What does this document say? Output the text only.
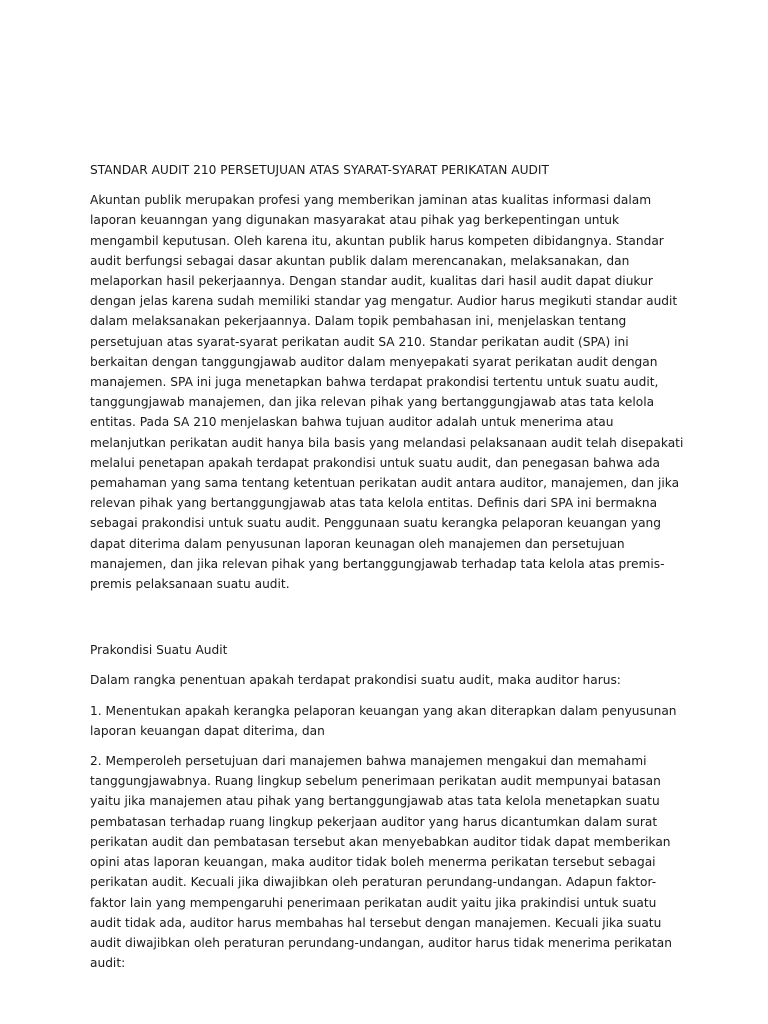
STANDAR AUDIT 210 PERSETUJUAN ATAS SYARAT-SYARAT PERIKATAN AUDIT

Akuntan publik merupakan profesi yang memberikan jaminan atas kualitas informasi dalam laporan keuanngan yang digunakan masyarakat atau pihak yag berkepentingan untuk mengambil keputusan. Oleh karena itu, akuntan publik harus kompeten dibidangnya. Standar audit berfungsi sebagai dasar akuntan publik dalam merencanakan, melaksanakan, dan melaporkan hasil pekerjaannya. Dengan standar audit, kualitas dari hasil audit dapat diukur dengan jelas karena sudah memiliki standar yag mengatur. Audior harus megikuti standar audit dalam melaksanakan pekerjaannya. Dalam topik pembahasan ini, menjelaskan tentang persetujuan atas syarat-syarat perikatan audit SA 210. Standar perikatan audit (SPA) ini berkaitan dengan tanggungjawab auditor dalam menyepakati syarat perikatan audit dengan manajemen. SPA ini juga menetapkan bahwa terdapat prakondisi tertentu untuk suatu audit, tanggungjawab manajemen, dan jika relevan pihak yang bertanggungjawab atas tata kelola entitas. Pada SA 210 menjelaskan bahwa tujuan auditor adalah untuk menerima atau melanjutkan perikatan audit hanya bila basis yang melandasi pelaksanaan audit telah disepakati melalui penetapan apakah terdapat prakondisi untuk suatu audit, dan penegasan bahwa ada pemahaman yang sama tentang ketentuan perikatan audit antara auditor, manajemen, dan jika relevan pihak yang bertanggungjawab atas tata kelola entitas. Definis dari SPA ini bermakna sebagai prakondisi untuk suatu audit. Penggunaan suatu kerangka pelaporan keuangan yang dapat diterima dalam penyusunan laporan keunagan oleh manajemen dan persetujuan manajemen, dan jika relevan pihak yang bertanggungjawab terhadap tata kelola atas premis-premis pelaksanaan suatu audit.

Prakondisi Suatu Audit

Dalam rangka penentuan apakah terdapat prakondisi suatu audit, maka auditor harus:

1. Menentukan apakah kerangka pelaporan keuangan yang akan diterapkan dalam penyusunan laporan keuangan dapat diterima, dan

2. Memperoleh persetujuan dari manajemen bahwa manajemen mengakui dan memahami tanggungjawabnya. Ruang lingkup sebelum penerimaan perikatan audit mempunyai batasan yaitu jika manajemen atau pihak yang bertanggungjawab atas tata kelola menetapkan suatu pembatasan terhadap ruang lingkup pekerjaan auditor yang harus dicantumkan dalam surat perikatan audit dan pembatasan tersebut akan menyebabkan auditor tidak dapat memberikan opini atas laporan keuangan, maka auditor tidak boleh menerma perikatan tersebut sebagai perikatan audit. Kecuali jika diwajibkan oleh peraturan perundang-undangan. Adapun faktor-faktor lain yang mempengaruhi penerimaan perikatan audit yaitu jika prakindisi untuk suatu audit tidak ada, auditor harus membahas hal tersebut dengan manajemen. Kecuali jika suatu audit diwajibkan oleh peraturan perundang-undangan, auditor harus tidak menerima perikatan audit:
